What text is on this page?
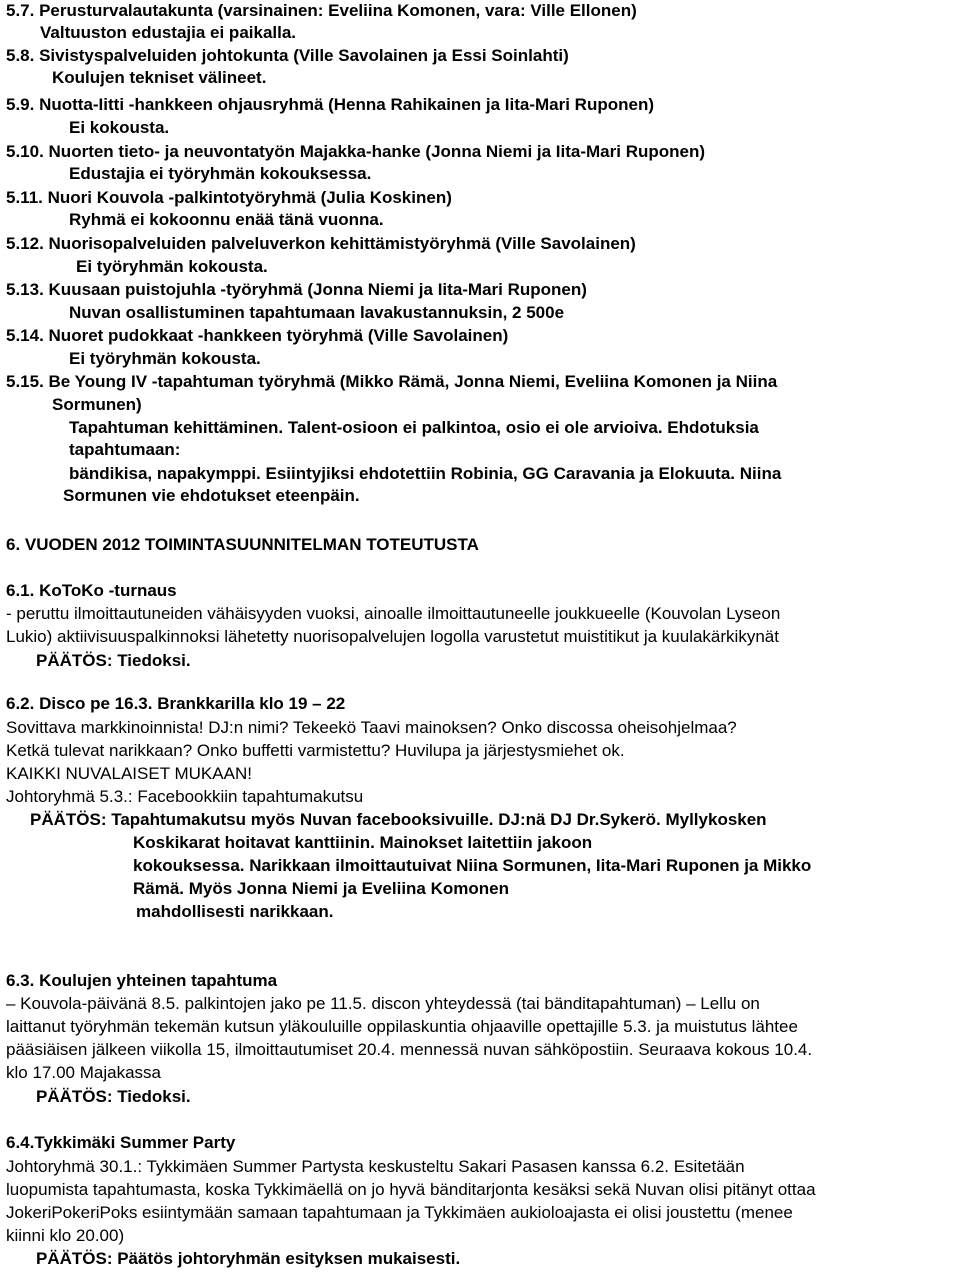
5.7. Perusturvalautakunta (varsinainen: Eveliina Komonen, vara: Ville Ellonen)
Valtuuston edustajia ei paikalla.
5.8. Sivistyspalveluiden johtokunta (Ville Savolainen ja Essi Soinlahti)
Koulujen tekniset välineet.
5.9. Nuotta-Iitti -hankkeen ohjausryhmä (Henna Rahikainen ja Iita-Mari Ruponen)
Ei kokousta.
5.10. Nuorten tieto- ja neuvontatyön Majakka-hanke (Jonna Niemi ja Iita-Mari Ruponen)
Edustajia ei työryhmän kokouksessa.
5.11. Nuori Kouvola -palkintotyöryhmä (Julia Koskinen)
Ryhmä ei kokoonnu enää tänä vuonna.
5.12. Nuorisopalveluiden palveluverkon kehittämistyöryhmä (Ville Savolainen)
Ei työryhmän kokousta.
5.13. Kuusaan puistojuhla -työryhmä (Jonna Niemi ja Iita-Mari Ruponen)
Nuvan osallistuminen tapahtumaan lavakustannuksin, 2 500e
5.14. Nuoret pudokkaat -hankkeen työryhmä (Ville Savolainen)
Ei työryhmän kokousta.
5.15. Be Young IV -tapahtuman työryhmä (Mikko Rämä, Jonna Niemi, Eveliina Komonen ja Niina
Sormunen)
Tapahtuman kehittäminen. Talent-osioon ei palkintoa, osio ei ole arvioiva. Ehdotuksia
tapahtumaan:
bändikisa, napakymppi. Esiintyjiksi ehdotettiin Robinia, GG Caravania ja Elokuuta. Niina
Sormunen vie ehdotukset eteenpäin.
6. VUODEN 2012 TOIMINTASUUNNITELMAN TOTEUTUSTA
6.1. KoToKo -turnaus
- peruttu ilmoittautuneiden vähäisyyden vuoksi, ainoalle ilmoittautuneelle joukkueelle (Kouvolan Lyseon
Lukio) aktiivisuuspalkinnoksi lähetetty nuorisopalvelujen logolla varustetut muistitikut ja kuulakärkikynät
PÄÄTÖS: Tiedoksi.
6.2. Disco pe 16.3. Brankkarilla klo 19 – 22
Sovittava markkinoinnista! DJ:n nimi? Tekeekö Taavi mainoksen? Onko discossa oheisohjelmaa?
Ketkä tulevat narikkaan? Onko buffetti varmistettu? Huvilupa ja järjestysmiehet ok.
KAIKKI NUVALAISET MUKAAN!
Johtoryhmä 5.3.: Facebookkiin tapahtumakutsu
PÄÄTÖS: Tapahtumakutsu myös Nuvan facebooksivuille. DJ:nä DJ Dr.Sykerö. Myllykosken
Koskikarat hoitavat kanttiinin. Mainokset laitettiin jakoon
kokouksessa. Narikkaan ilmoittautuivat Niina Sormunen, Iita-Mari Ruponen ja Mikko
Rämä. Myös Jonna Niemi ja Eveliina Komonen
mahdollisesti narikkaan.
6.3. Koulujen yhteinen tapahtuma
– Kouvola-päivänä 8.5. palkintojen jako pe 11.5. discon yhteydessä (tai bänditapahtuman) – Lellu on
laittanut työryhmän tekemän kutsun yläkouluille oppilaskuntia ohjaaville opettajille 5.3. ja muistutus lähtee
pääsiäisen jälkeen viikolla 15, ilmoittautumiset 20.4. mennessä nuvan sähköpostiin. Seuraava kokous 10.4.
klo 17.00 Majakassa
PÄÄTÖS: Tiedoksi.
6.4.Tykkimäki Summer Party
Johtoryhmä 30.1.: Tykkimäen Summer Partysta keskusteltu Sakari Pasasen kanssa 6.2. Esitetään
luopumista tapahtumasta, koska Tykkimäellä on jo hyvä bänditarjonta kesäksi sekä Nuvan olisi pitänyt ottaa
JokeriPokeriPoks esiintymään samaan tapahtumaan ja Tykkimäen aukioloajasta ei olisi joustettu (menee
kiinni klo 20.00)
PÄÄTÖS: Päätös johtoryhmän esityksen mukaisesti.
